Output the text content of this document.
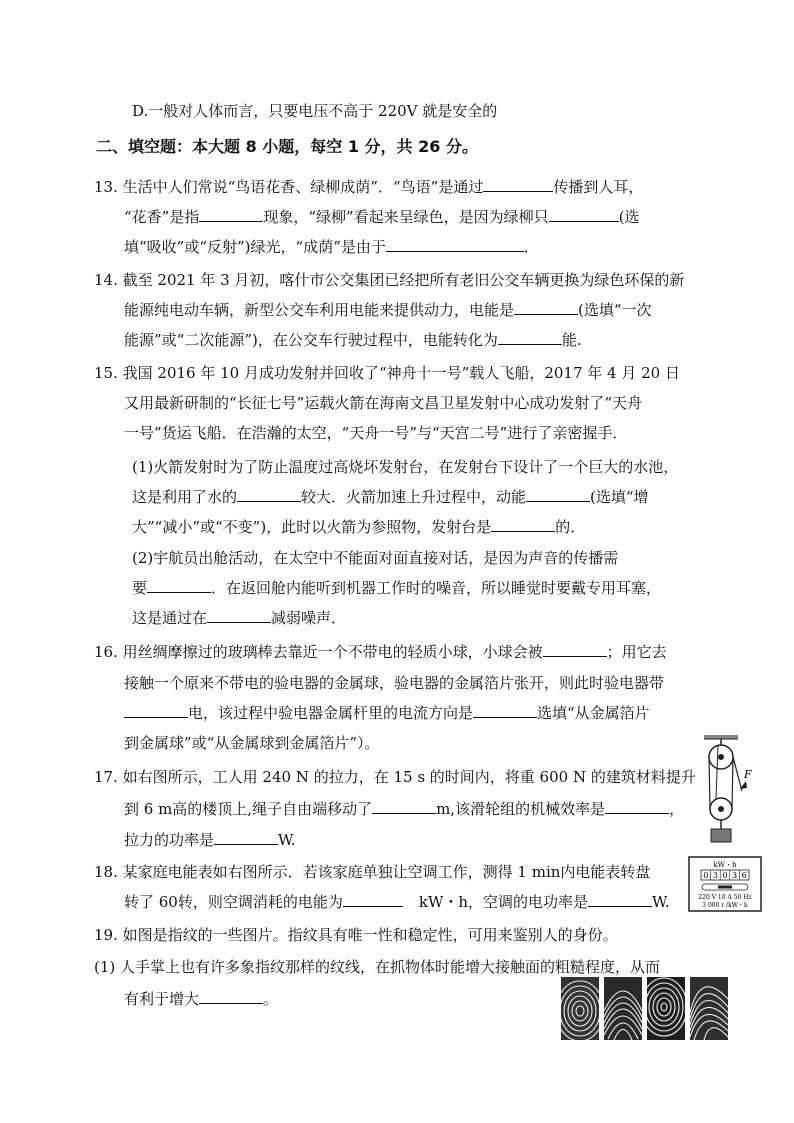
D.一般对人体而言，只要电压不高于 220V 就是安全的
二、填空题：本大题 8 小题，每空 1 分，共 26 分。
13. 生活中人们常说“鸟语花香、绿柳成荫”．“鸟语”是通过	传播到人耳，
“花香”是指	现象，“绿柳”看起来呈绿色，是因为绿柳只	(选
填“吸收”或“反射”)绿光，“成荫”是由于	．
14. 截至 2021 年 3 月初，喀什市公交集团已经把所有老旧公交车辆更换为绿色环保的新
能源纯电动车辆，新型公交车利用电能来提供动力，电能是	(选填“一次
能源”或“二次能源”)，在公交车行驶过程中，电能转化为	能.
15. 我国 2016 年 10 月成功发射并回收了“神舟十一号”载人飞船，2017 年 4 月 20 日
又用最新研制的“长征七号”运载火箭在海南文昌卫星发射中心成功发射了“天舟
一号”货运飞船．在浩瀚的太空，“天舟一号”与“天宫二号”进行了亲密握手．
(1)火箭发射时为了防止温度过高烧坏发射台，在发射台下设计了一个巨大的水池，
这是利用了水的	较大．火箭加速上升过程中，动能	(选填“增
大”“减小”或“不变”)，此时以火箭为参照物，发射台是	的．
(2)宇航员出舱活动，在太空中不能面对面直接对话，是因为声音的传播需
要	．在返回舱内能听到机器工作时的噪音，所以睡觉时要戴专用耳塞，
这是通过在	减弱噪声．
16. 用丝绸摩擦过的玻璃棒去靠近一个不带电的轻质小球，小球会被	；用它去
接触一个原来不带电的验电器的金属球，验电器的金属箔片张开，则此时验电器带
电，该过程中验电器金属杆里的电流方向是	选填“从金属箔片
到金属球”或“从金属球到金属箔片”）。
17. 如右图所示，工人用 240 N 的拉力，在 15 s 的时间内，将重 600 N 的建筑材料提升
到 6 m高的楼顶上,绳子自由端移动了	m,该滑轮组的机械效率是	，
拉力的功率是	W.
F
18. 某家庭电能表如右图所示．若该家庭单独让空调工作，测得 1 min内电能表转盘
转了 60转，则空调消耗的电能为	kW・h，空调的电功率是	W.
kW・h
0 3 0 3 6
220 V 10 A 50 Hz
3 000 r /kW・h
19. 如图是指纹的一些图片。指纹具有唯一性和稳定性，可用来鉴别人的身份。
(1) 人手掌上也有许多象指纹那样的纹线，在抓物体时能增大接触面的粗糙程度，从而
有利于增大	。
